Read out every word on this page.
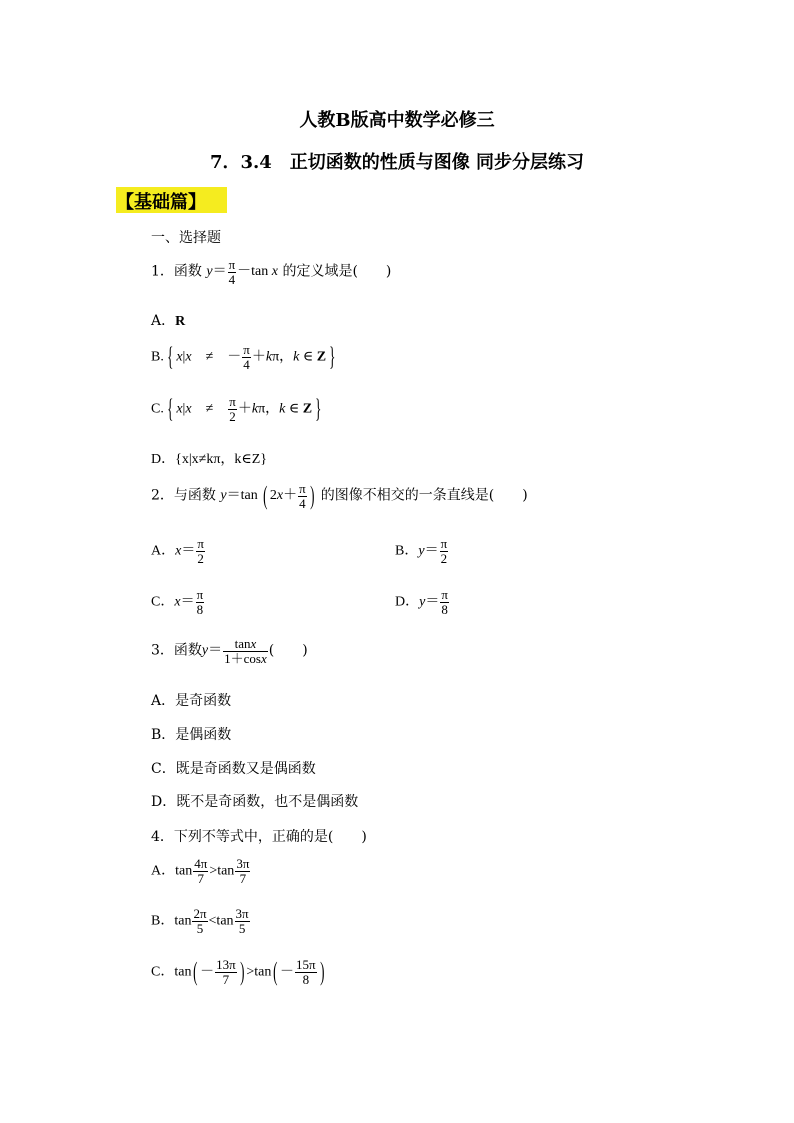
人教B版高中数学必修三
7．3.4　正切函数的性质与图像 同步分层练习
【基础篇】
一、选择题
1．函数 $y= \frac{\pi}{4} -\tan$ x 的定义域是(　　)
A．R
B. { x|x　≠　－ $\frac{\pi}{4} +k\pi$，k ∈ Z }
C. { x|x　≠　 $\frac{\pi}{2} +k\pi$，k ∈ Z }
D．{x|x≠kπ，k∈Z}
2．与函数 y＝tan ( $2x+ \frac{\pi}{4}$ ) 的图像不相交的一条直线是(　　)
A．$x= \frac{\pi}{2}$	B．$y= \frac{\pi}{2}$
C．$x= \frac{\pi}{8}$	D．$y= \frac{\pi}{8}$
3．函数$y= \frac{\tan x}{1+\cos x}$ (　　)
A．是奇函数
B．是偶函数
C．既是奇函数又是偶函数
D．既不是奇函数，也不是偶函数
4．下列不等式中，正确的是(　　)
A．$\tan \frac{4\pi}{7} >\tan \frac{3\pi}{7}$
B．$\tan \frac{2\pi}{5} <\tan \frac{3\pi}{5}$
C．$\tan( - \frac{13\pi}{7}$ ) $>\tan( - \frac{15\pi}{8}$ )
